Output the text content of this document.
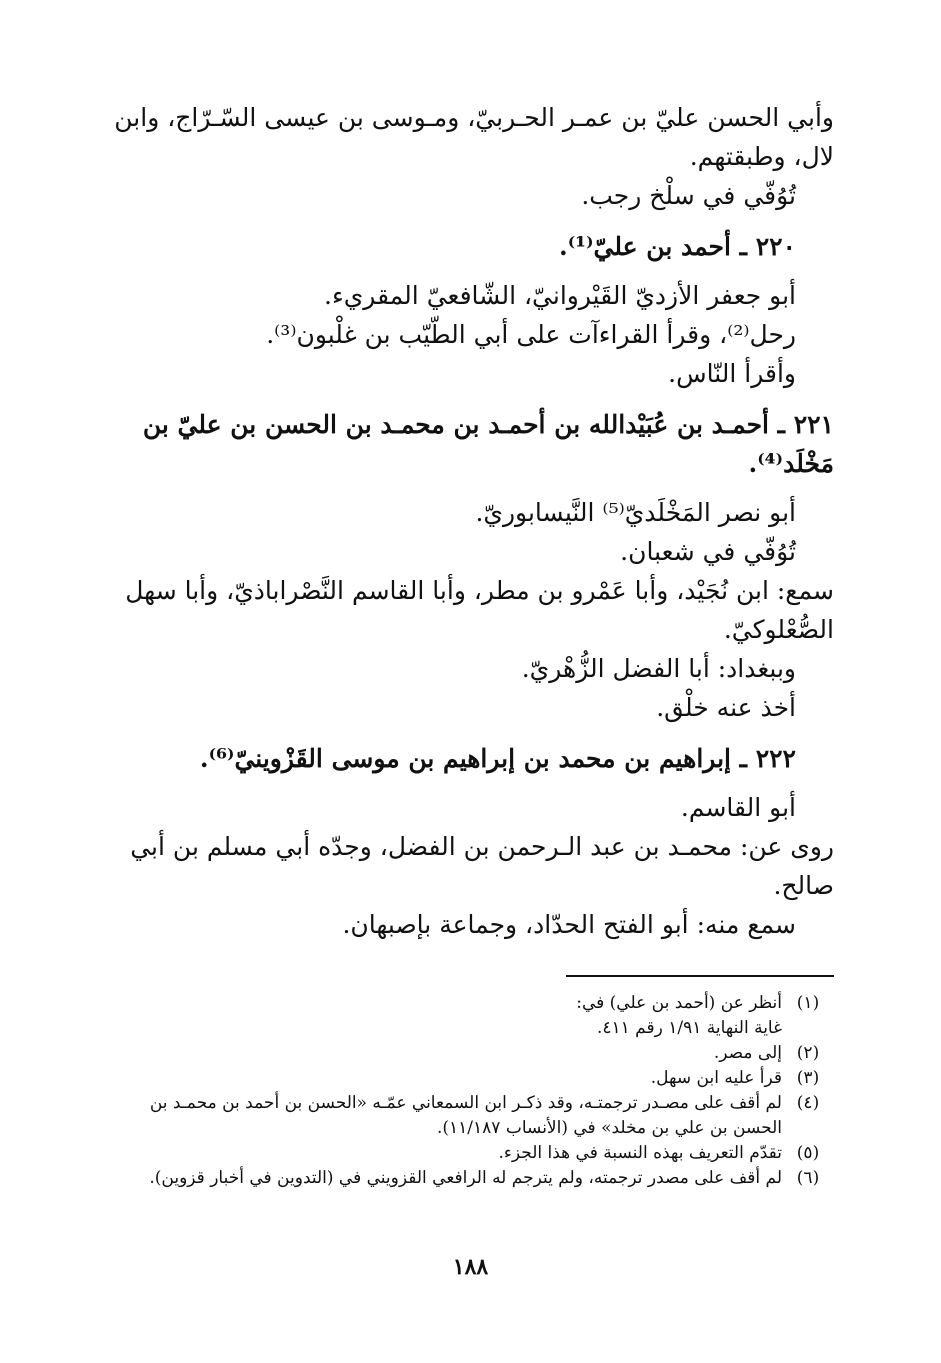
وأبي الحسن عليّ بن عمـر الحـربيّ، ومـوسى بن عيسى السّـرّاج، وابن لال، وطبقتهم.

تُوُفّي في سلْخ رجب.

٢٢٠ ـ أحمد بن عليّ⁽¹⁾.

أبو جعفر الأزديّ القَيْروانيّ، الشّافعيّ المقريء.

رحل⁽²⁾، وقرأ القراءآت على أبي الطّيّب بن غلْبون⁽³⁾.

وأقرأ النّاس.

٢٢١ ـ أحمـد بن عُبَيْدالله بن أحمـد بن محمـد بن الحسن بن عليّ بن مَخْلَد⁽⁴⁾.

أبو نصر المَخْلَديّ⁽⁵⁾ النَّيسابوريّ.

تُوُفّي في شعبان.

سمع: ابن نُجَيْد، وأبا عَمْرو بن مطر، وأبا القاسم النَّصْراباذيّ، وأبا سهل الصُّعْلوكيّ.

وببغداد: أبا الفضل الزُّهْريّ.

أخذ عنه خلْق.

٢٢٢ ـ إبراهيم بن محمد بن إبراهيم بن موسى القَزْوينيّ⁽⁶⁾.

أبو القاسم.

روى عن: محمـد بن عبد الـرحمن بن الفضل، وجدّه أبي مسلم بن أبي صالح.

سمع منه: أبو الفتح الحدّاد، وجماعة بإصبهان.

(١)
أنظر عن (أحمد بن علي) في:
غاية النهاية ١/٩١ رقم ٤١١.
(٢)
إلى مصر.
(٣)
قرأ عليه ابن سهل.
(٤)
لم أقف على مصـدر ترجمتـه، وقد ذكـر ابن السمعاني عمّـه «الحسن بن أحمد بن محمـد بن
الحسن بن علي بن مخلد» في (الأنساب ١١/١٨٧).
(٥)
تقدّم التعريف بهذه النسبة في هذا الجزء.
(٦)
لم أقف على مصدر ترجمته، ولم يترجم له الرافعي القزويني في (التدوين في أخبار قزوين).
١٨٨
